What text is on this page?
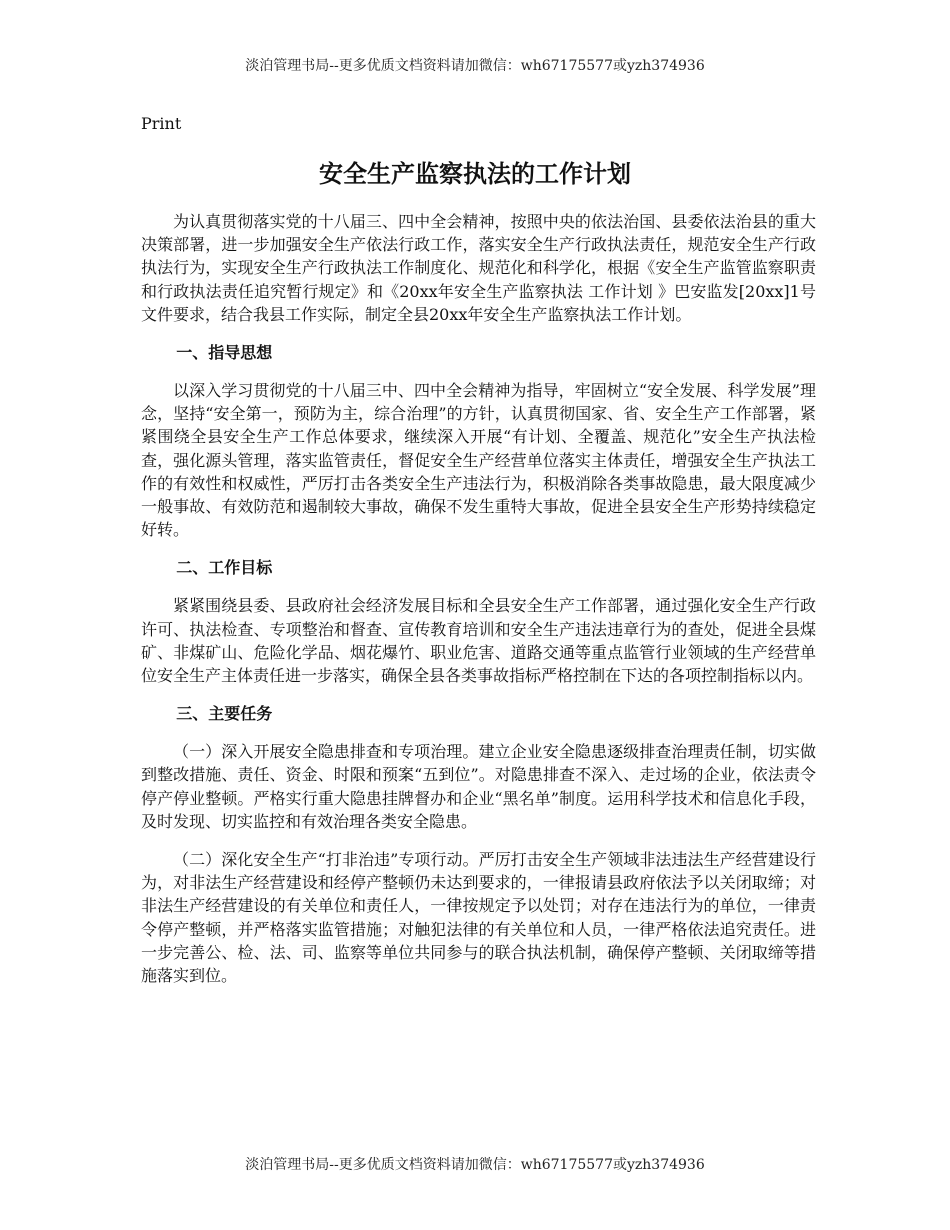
淡泊管理书局--更多优质文档资料请加微信：wh67175577或yzh374936
Print
安全生产监察执法的工作计划

为认真贯彻落实党的十八届三、四中全会精神，按照中央的依法治国、县委依法治县的重大决策部署，进一步加强安全生产依法行政工作，落实安全生产行政执法责任，规范安全生产行政执法行为，实现安全生产行政执法工作制度化、规范化和科学化，根据《安全生产监管监察职责和行政执法责任追究暂行规定》和《20xx年安全生产监察执法 工作计划 》巴安监发[20xx]1号文件要求，结合我县工作实际，制定全县20xx年安全生产监察执法工作计划。

一、指导思想

以深入学习贯彻党的十八届三中、四中全会精神为指导，牢固树立“安全发展、科学发展”理念，坚持“安全第一，预防为主，综合治理”的方针，认真贯彻国家、省、安全生产工作部署，紧紧围绕全县安全生产工作总体要求，继续深入开展“有计划、全覆盖、规范化”安全生产执法检查，强化源头管理，落实监管责任，督促安全生产经营单位落实主体责任，增强安全生产执法工作的有效性和权威性，严厉打击各类安全生产违法行为，积极消除各类事故隐患，最大限度减少一般事故、有效防范和遏制较大事故，确保不发生重特大事故，促进全县安全生产形势持续稳定好转。

二、工作目标

紧紧围绕县委、县政府社会经济发展目标和全县安全生产工作部署，通过强化安全生产行政许可、执法检查、专项整治和督查、宣传教育培训和安全生产违法违章行为的查处，促进全县煤矿、非煤矿山、危险化学品、烟花爆竹、职业危害、道路交通等重点监管行业领域的生产经营单位安全生产主体责任进一步落实，确保全县各类事故指标严格控制在下达的各项控制指标以内。

三、主要任务

（一）深入开展安全隐患排查和专项治理。建立企业安全隐患逐级排查治理责任制，切实做到整改措施、责任、资金、时限和预案“五到位”。对隐患排查不深入、走过场的企业，依法责令停产停业整顿。严格实行重大隐患挂牌督办和企业“黑名单”制度。运用科学技术和信息化手段，及时发现、切实监控和有效治理各类安全隐患。

（二）深化安全生产“打非治违”专项行动。严厉打击安全生产领域非法违法生产经营建设行为，对非法生产经营建设和经停产整顿仍未达到要求的，一律报请县政府依法予以关闭取缔；对非法生产经营建设的有关单位和责任人，一律按规定予以处罚；对存在违法行为的单位，一律责令停产整顿，并严格落实监管措施；对触犯法律的有关单位和人员，一律严格依法追究责任。进一步完善公、检、法、司、监察等单位共同参与的联合执法机制，确保停产整顿、关闭取缔等措施落实到位。

淡泊管理书局--更多优质文档资料请加微信：wh67175577或yzh374936
